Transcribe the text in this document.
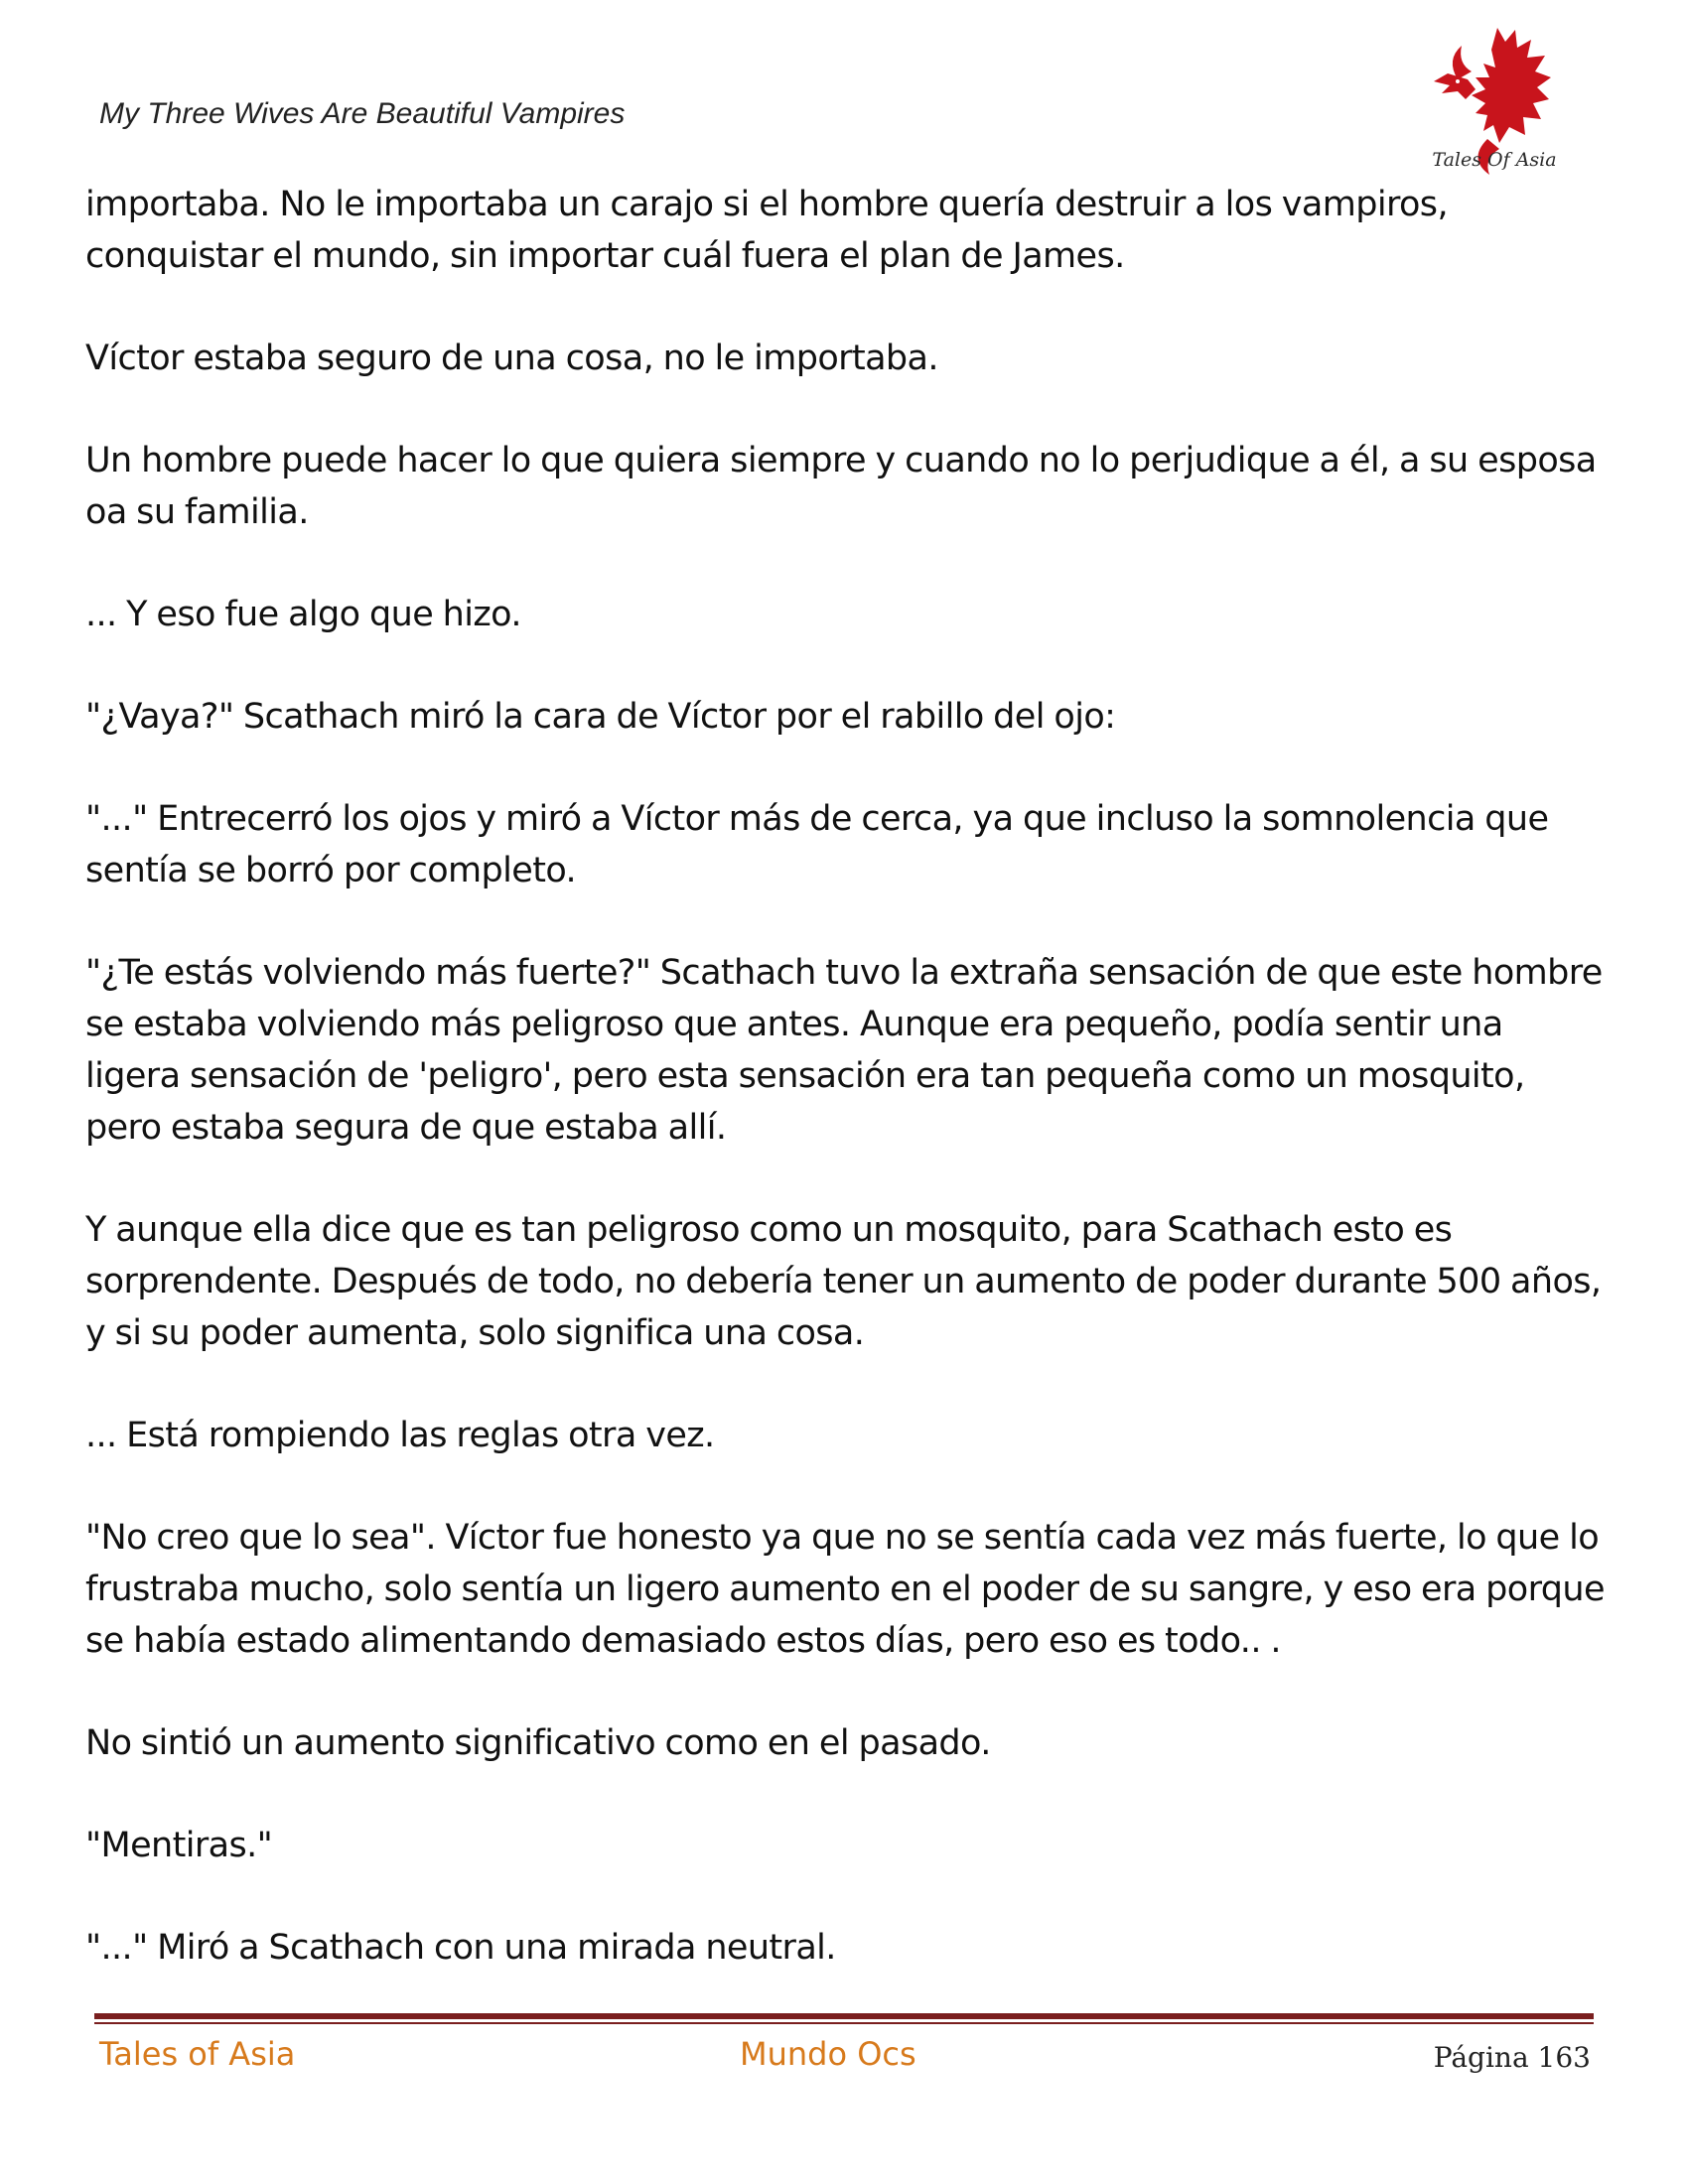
My Three Wives Are Beautiful Vampires
Tales Of Asia

importaba. No le importaba un carajo si el hombre quería destruir a los vampiros, conquistar el mundo, sin importar cuál fuera el plan de James.

Víctor estaba seguro de una cosa, no le importaba.

Un hombre puede hacer lo que quiera siempre y cuando no lo perjudique a él, a su esposa oa su familia.

... Y eso fue algo que hizo.

"¿Vaya?" Scathach miró la cara de Víctor por el rabillo del ojo:

"..." Entrecerró los ojos y miró a Víctor más de cerca, ya que incluso la somnolencia que sentía se borró por completo.

"¿Te estás volviendo más fuerte?" Scathach tuvo la extraña sensación de que este hombre se estaba volviendo más peligroso que antes. Aunque era pequeño, podía sentir una ligera sensación de 'peligro', pero esta sensación era tan pequeña como un mosquito, pero estaba segura de que estaba allí.

Y aunque ella dice que es tan peligroso como un mosquito, para Scathach esto es sorprendente. Después de todo, no debería tener un aumento de poder durante 500 años, y si su poder aumenta, solo significa una cosa.

... Está rompiendo las reglas otra vez.

"No creo que lo sea". Víctor fue honesto ya que no se sentía cada vez más fuerte, lo que lo frustraba mucho, solo sentía un ligero aumento en el poder de su sangre, y eso era porque se había estado alimentando demasiado estos días, pero eso es todo.. .

No sintió un aumento significativo como en el pasado.

"Mentiras."

"..." Miró a Scathach con una mirada neutral.

Tales of Asia	Mundo Ocs	Página 163
